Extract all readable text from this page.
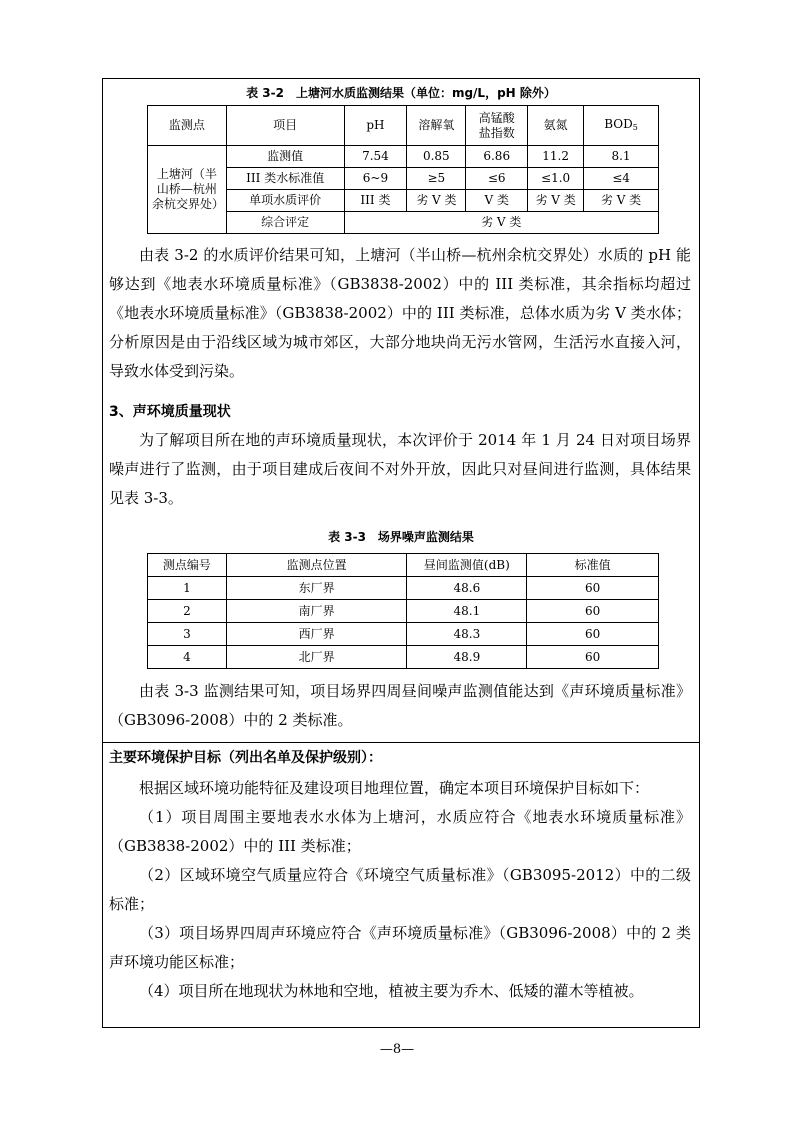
表 3-2　上塘河水质监测结果（单位：mg/L，pH 除外）
监测点	项目	pH	溶解氧	高锰酸
盐指数	氨氮	$BOD_5$
上塘河（半山桥—杭州余杭交界处）	监测值	7.54	0.85	6.86	11.2	8.1
	III 类水标准值	6~9	≥5	≤6	≤1.0	≤4
	单项水质评价	III 类	劣 V 类	V 类	劣 V 类	劣 V 类
	综合评定	劣 V 类				
由表 3-2 的水质评价结果可知，上塘河（半山桥—杭州余杭交界处）水质的 pH 能够达到《地表水环境质量标准》（GB3838-2002）中的 III 类标准，其余指标均超过《地表水环境质量标准》（GB3838-2002）中的 III 类标准，总体水质为劣 V 类水体；分析原因是由于沿线区域为城市郊区，大部分地块尚无污水管网，生活污水直接入河，导致水体受到污染。
3、声环境质量现状
为了解项目所在地的声环境质量现状，本次评价于 2014 年 1 月 24 日对项目场界噪声进行了监测，由于项目建成后夜间不对外开放，因此只对昼间进行监测，具体结果见表 3-3。
表 3-3　场界噪声监测结果
测点编号	监测点位置	昼间监测值(dB)	标准值
1	东厂界	48.6	60
2	南厂界	48.1	60
3	西厂界	48.3	60
4	北厂界	48.9	60
由表 3-3 监测结果可知，项目场界四周昼间噪声监测值能达到《声环境质量标准》（GB3096-2008）中的 2 类标准。
主要环境保护目标（列出名单及保护级别）：

根据区域环境功能特征及建设项目地理位置，确定本项目环境保护目标如下：

（1）项目周围主要地表水水体为上塘河，水质应符合《地表水环境质量标准》（GB3838-2002）中的 III 类标准；

（2）区域环境空气质量应符合《环境空气质量标准》（GB3095-2012）中的二级标准；

（3）项目场界四周声环境应符合《声环境质量标准》（GB3096-2008）中的 2 类声环境功能区标准；

（4）项目所在地现状为林地和空地，植被主要为乔木、低矮的灌木等植被。

—8—
